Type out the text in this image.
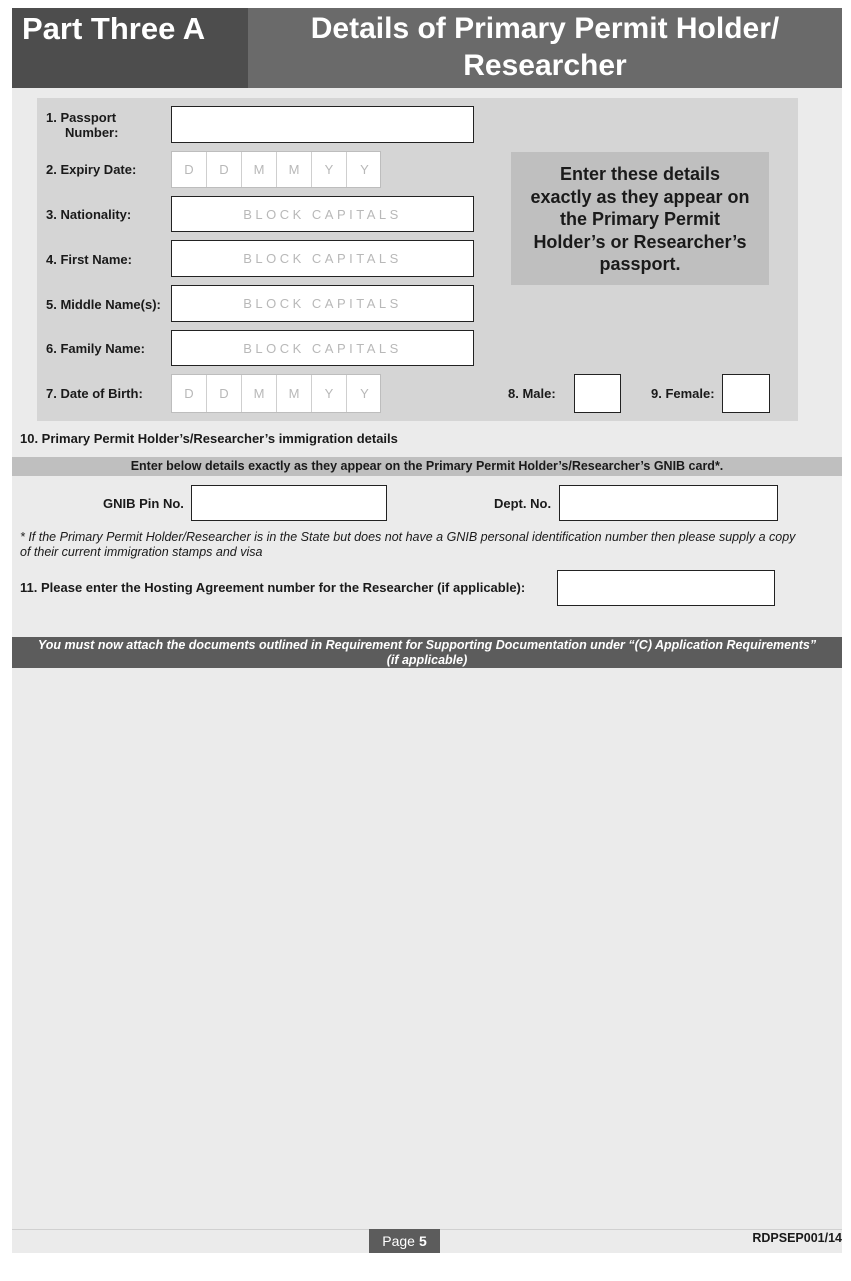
Part Three A	Details of Primary Permit Holder/
Researcher
1. Passport
Number:
2. Expiry Date:	D	D	M	M	Y	Y
3. Nationality:	BLOCK CAPITALS
4. First Name:	BLOCK CAPITALS
5. Middle Name(s):	BLOCK CAPITALS
6. Family Name:	BLOCK CAPITALS
7. Date of Birth:	D	D	M	M	Y	Y	8. Male:	9. Female:
Enter these details
exactly as they appear on
the Primary Permit
Holder’s or Researcher’s
passport.
10. Primary Permit Holder’s/Researcher’s immigration details
Enter below details exactly as they appear on the Primary Permit Holder’s/Researcher’s GNIB card*.
GNIB Pin No.	Dept. No.
* If the Primary Permit Holder/Researcher is in the State but does not have a GNIB personal identification number then please supply a copy
of their current immigration stamps and visa
11. Please enter the Hosting Agreement number for the Researcher (if applicable):
You must now attach the documents outlined in Requirement for Supporting Documentation under “(C) Application Requirements”
(if applicable)
Page 5	RDPSEP001/14
